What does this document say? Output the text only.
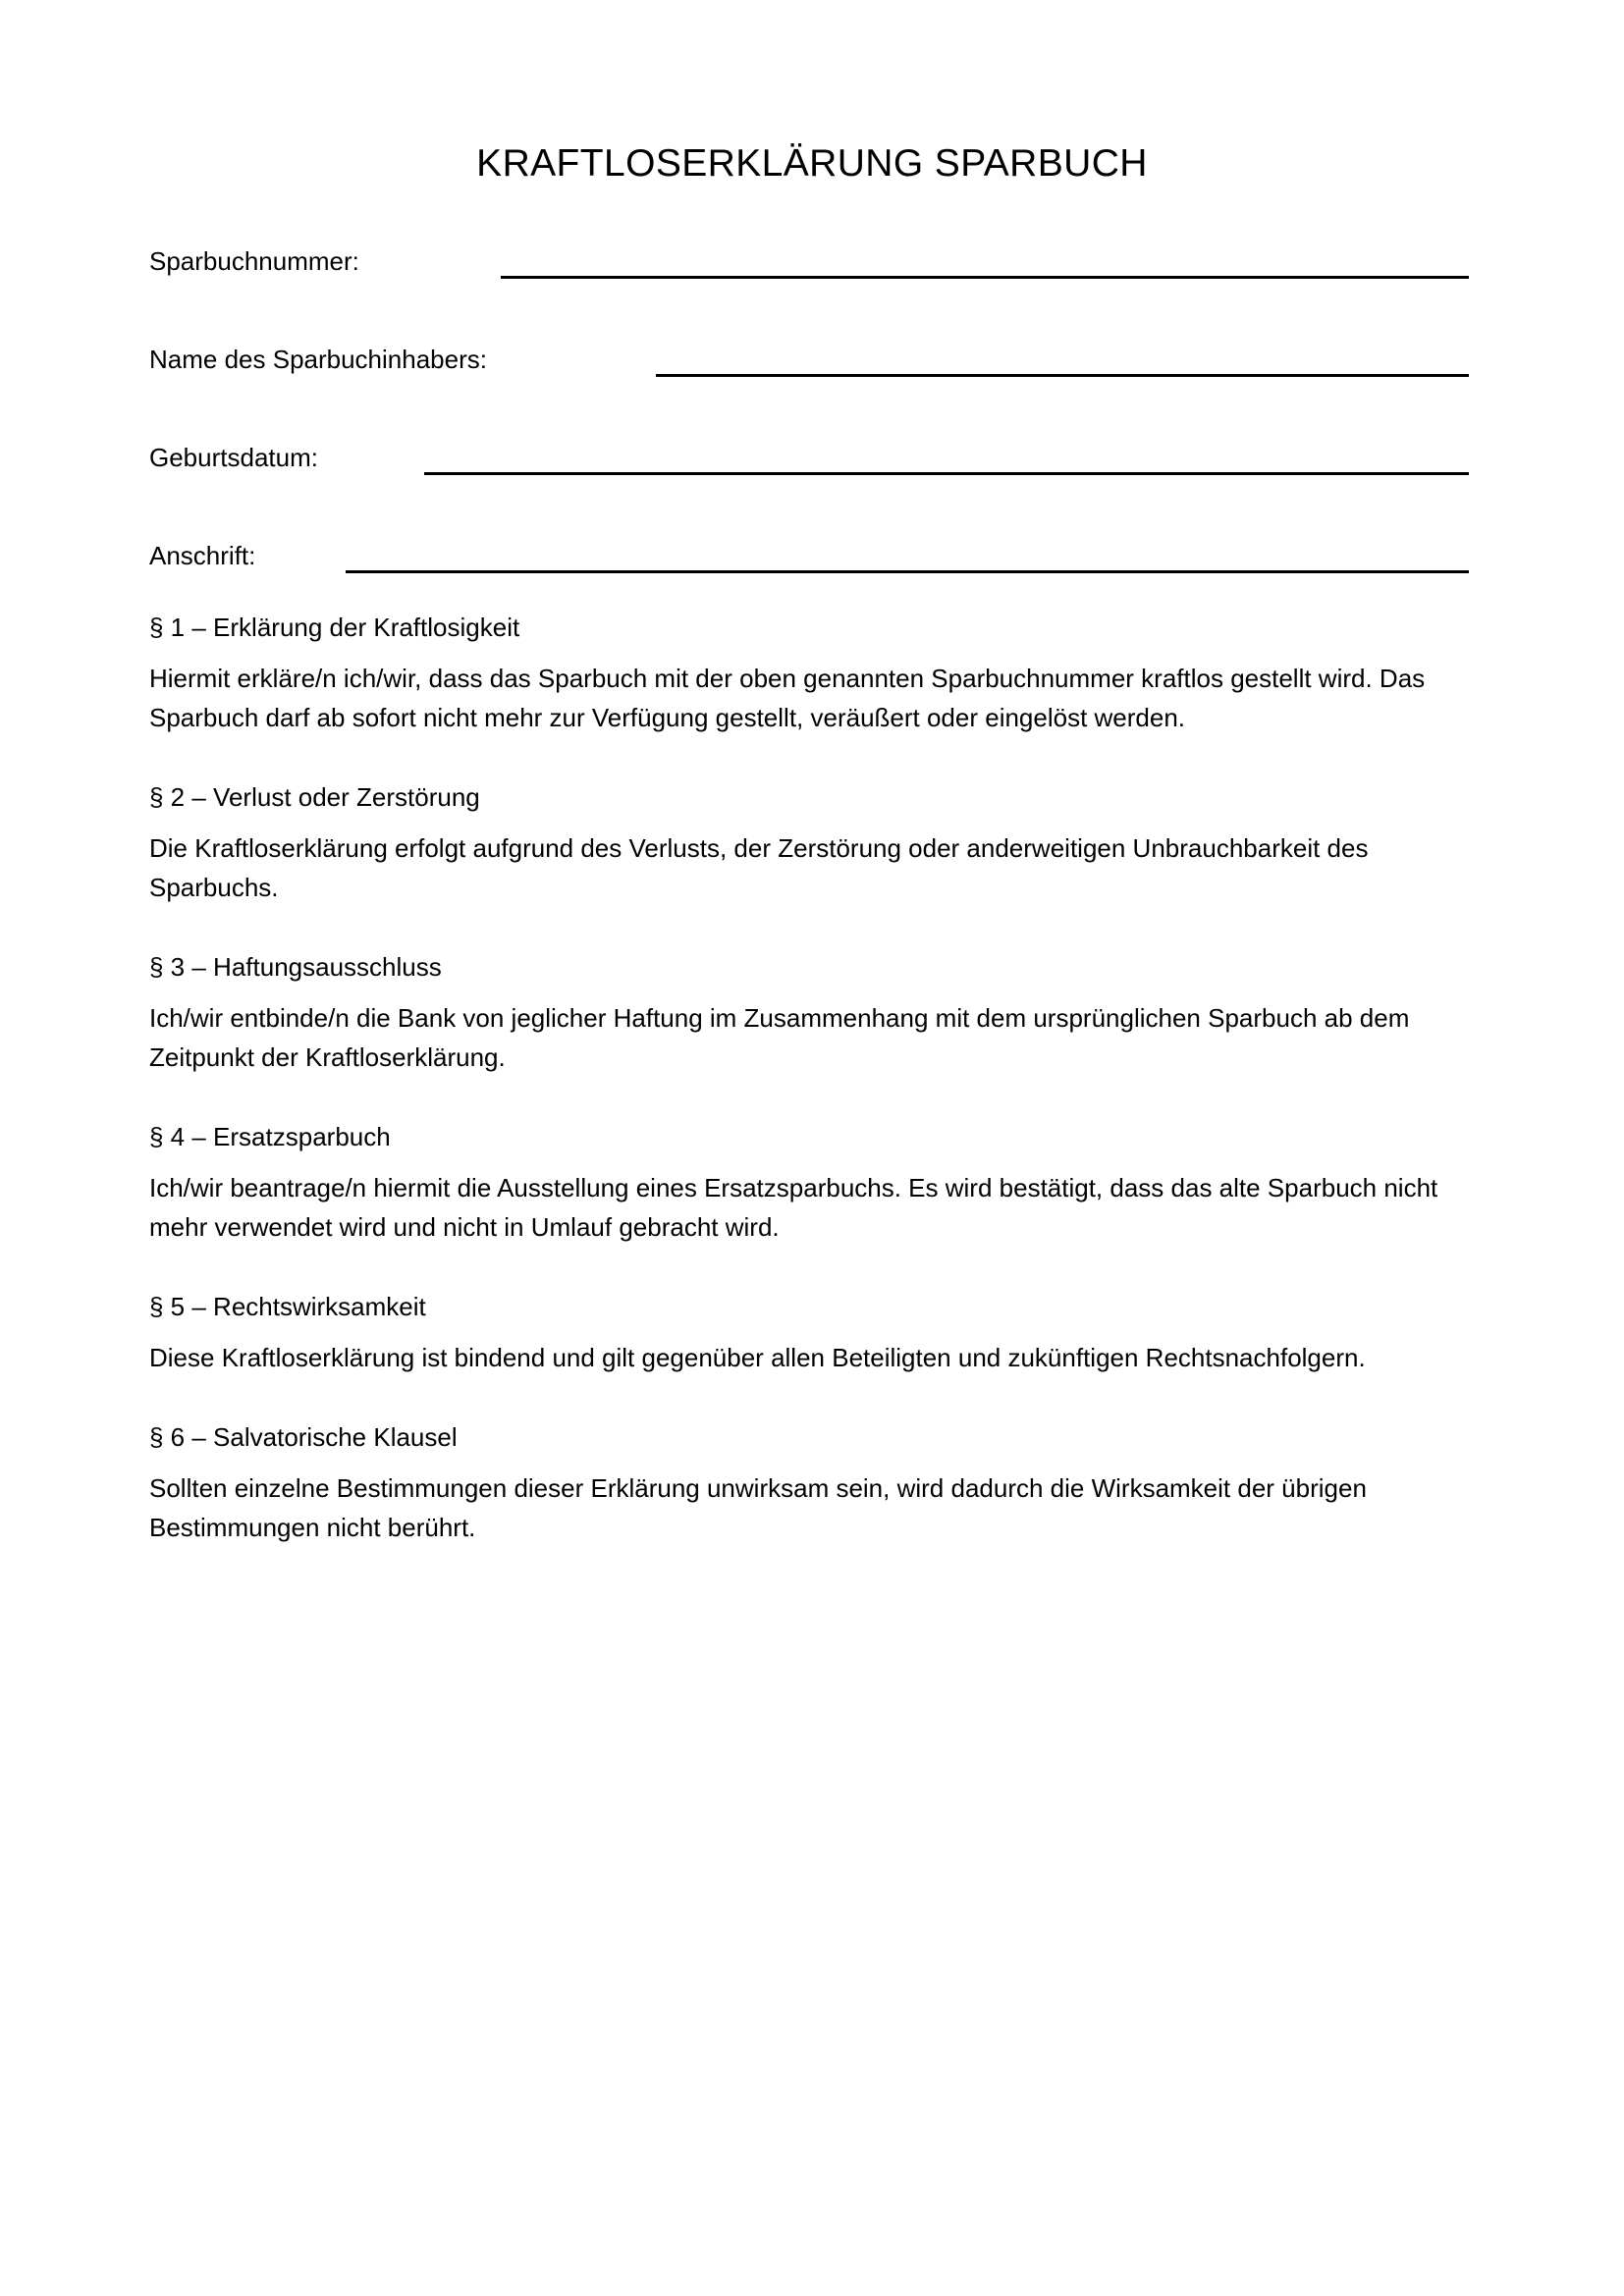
KRAFTLOSERKLÄRUNG SPARBUCH
Sparbuchnummer:
Name des Sparbuchinhabers:
Geburtsdatum:
Anschrift:

§ 1 – Erklärung der Kraftlosigkeit

Hiermit erkläre/n ich/wir, dass das Sparbuch mit der oben genannten Sparbuchnummer kraftlos gestellt wird. Das Sparbuch darf ab sofort nicht mehr zur Verfügung gestellt, veräußert oder eingelöst werden.

§ 2 – Verlust oder Zerstörung

Die Kraftloserklärung erfolgt aufgrund des Verlusts, der Zerstörung oder anderweitigen Unbrauchbarkeit des Sparbuchs.

§ 3 – Haftungsausschluss

Ich/wir entbinde/n die Bank von jeglicher Haftung im Zusammenhang mit dem ursprünglichen Sparbuch ab dem Zeitpunkt der Kraftloserklärung.

§ 4 – Ersatzsparbuch

Ich/wir beantrage/n hiermit die Ausstellung eines Ersatzsparbuchs. Es wird bestätigt, dass das alte Sparbuch nicht mehr verwendet wird und nicht in Umlauf gebracht wird.

§ 5 – Rechtswirksamkeit

Diese Kraftloserklärung ist bindend und gilt gegenüber allen Beteiligten und zukünftigen Rechtsnachfolgern.

§ 6 – Salvatorische Klausel

Sollten einzelne Bestimmungen dieser Erklärung unwirksam sein, wird dadurch die Wirksamkeit der übrigen Bestimmungen nicht berührt.
